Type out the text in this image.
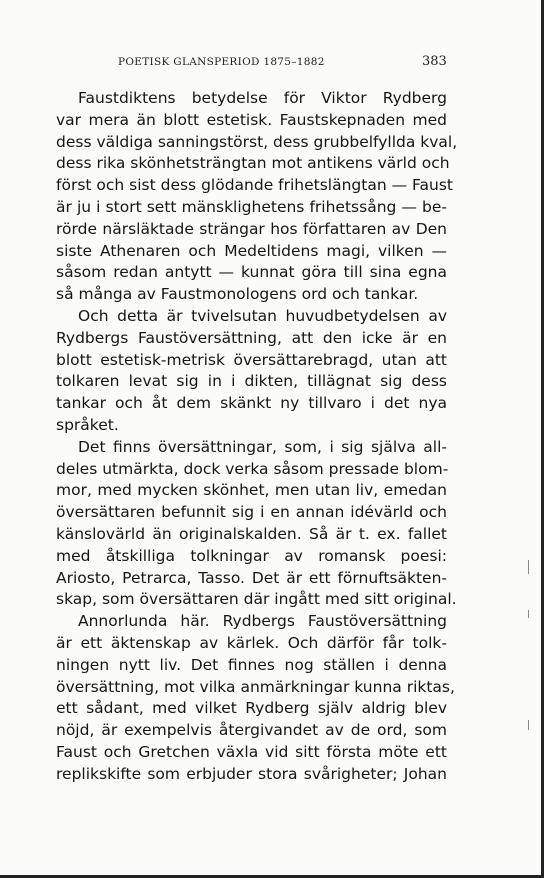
POETISK GLANSPERIOD 1875–1882	383
Faustdiktens betydelse för Viktor Rydberg
var mera än blott estetisk. Faustskepnaden med
dess väldiga sanningstörst, dess grubbelfyllda kval,
dess rika skönhetsträngtan mot antikens värld och
först och sist dess glödande frihetslängtan — Faust
är ju i stort sett mänsklighetens frihetssång — be-
rörde närsläktade strängar hos författaren av Den
siste Athenaren och Medeltidens magi, vilken —
såsom redan antytt — kunnat göra till sina egna
så många av Faustmonologens ord och tankar.
Och detta är tvivelsutan huvudbetydelsen av
Rydbergs Faustöversättning, att den icke är en
blott estetisk-metrisk översättarebragd, utan att
tolkaren levat sig in i dikten, tillägnat sig dess
tankar och åt dem skänkt ny tillvaro i det nya
språket.
Det finns översättningar, som, i sig själva all-
deles utmärkta, dock verka såsom pressade blom-
mor, med mycken skönhet, men utan liv, emedan
översättaren befunnit sig i en annan idévärld och
känslovärld än originalskalden. Så är t. ex. fallet
med åtskilliga tolkningar av romansk poesi:
Ariosto, Petrarca, Tasso. Det är ett förnuftsäkten-
skap, som översättaren där ingått med sitt original.
Annorlunda här. Rydbergs Faustöversättning
är ett äktenskap av kärlek. Och därför får tolk-
ningen nytt liv. Det finnes nog ställen i denna
översättning, mot vilka anmärkningar kunna riktas,
ett sådant, med vilket Rydberg själv aldrig blev
nöjd, är exempelvis återgivandet av de ord, som
Faust och Gretchen växla vid sitt första möte ett
replikskifte som erbjuder stora svårigheter; Johan
